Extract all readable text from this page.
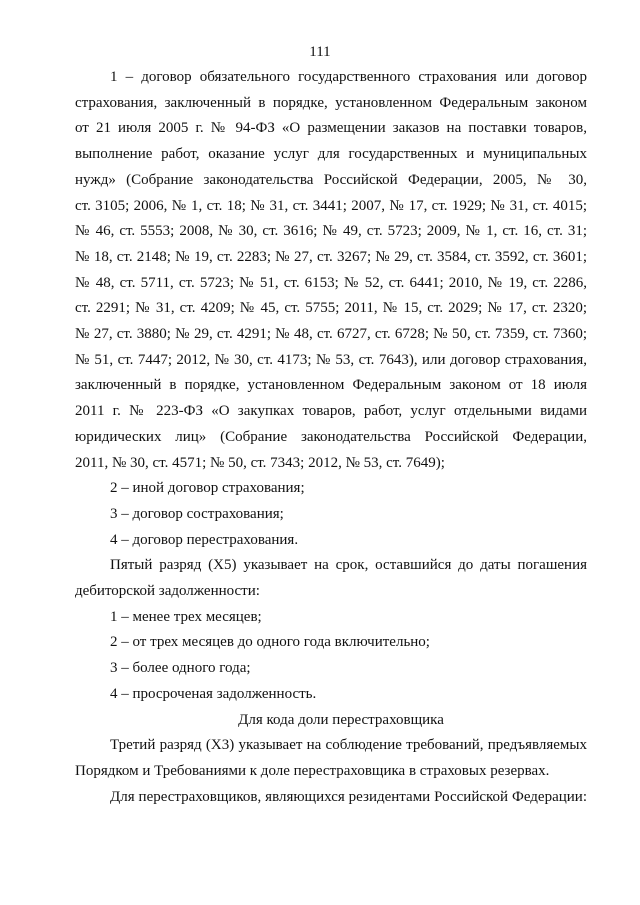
111

1 – договор обязательного государственного страхования или договор

страхования, заключенный в порядке, установленном Федеральным законом

от 21 июля 2005 г. № 94-ФЗ «О размещении заказов на поставки товаров,

выполнение работ, оказание услуг для государственных и муниципальных

нужд» (Собрание законодательства Российской Федерации, 2005, № 30,

ст. 3105; 2006, № 1, ст. 18; № 31, ст. 3441; 2007, № 17, ст. 1929; № 31, ст. 4015;

№ 46, ст. 5553; 2008, № 30, ст. 3616; № 49, ст. 5723; 2009, № 1, ст. 16, ст. 31;

№ 18, ст. 2148; № 19, ст. 2283; № 27, ст. 3267; № 29, ст. 3584, ст. 3592, ст. 3601;

№ 48, ст. 5711, ст. 5723; № 51, ст. 6153; № 52, ст. 6441; 2010, № 19, ст. 2286,

ст. 2291; № 31, ст. 4209; № 45, ст. 5755; 2011, № 15, ст. 2029; № 17, ст. 2320;

№ 27, ст. 3880; № 29, ст. 4291; № 48, ст. 6727, ст. 6728; № 50, ст. 7359, ст. 7360;

№ 51, ст. 7447; 2012, № 30, ст. 4173; № 53, ст. 7643), или договор страхования,

заключенный в порядке, установленном Федеральным законом от 18 июля

2011 г. № 223-ФЗ «О закупках товаров, работ, услуг отдельными видами

юридических лиц» (Собрание законодательства Российской Федерации,

2011, № 30, ст. 4571; № 50, ст. 7343; 2012, № 53, ст. 7649);

2 – иной договор страхования;

3 – договор сострахования;

4 – договор перестрахования.

Пятый разряд (Х5) указывает на срок, оставшийся до даты погашения

дебиторской задолженности:

1 – менее трех месяцев;

2 – от трех месяцев до одного года включительно;

3 – более одного года;

4 – просроченая задолженность.

Для кода доли перестраховщика

Третий разряд (Х3) указывает на соблюдение требований, предъявляемых

Порядком и Требованиями к доле перестраховщика в страховых резервах.

Для перестраховщиков, являющихся резидентами Российской Федерации:
